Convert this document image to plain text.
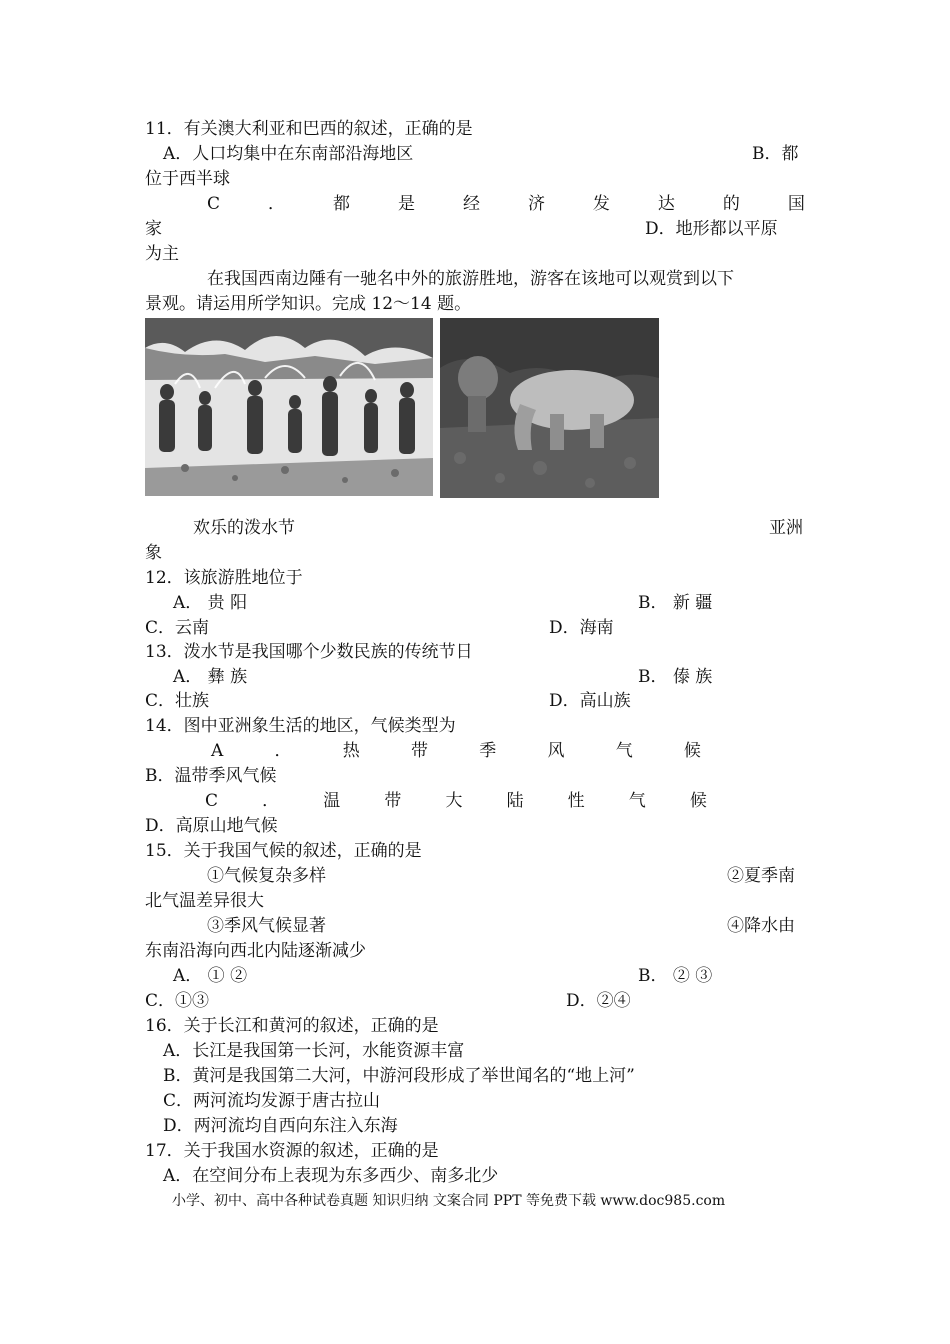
11．有关澳大利亚和巴西的叙述，正确的是
A．人口均集中在东南部沿海地区	B．都
位于西半球
C	．	都	是	经	济	发	达	的	国
家	D．地形都以平原
为主
在我国西南边陲有一驰名中外的旅游胜地，游客在该地可以观赏到以下
景观。请运用所学知识。完成 12～14 题。
欢乐的泼水节	亚洲
象
12．该旅游胜地位于
A． 贵 阳	B． 新 疆
C．云南	D．海南
13．泼水节是我国哪个少数民族的传统节日
A． 彝 族	B． 傣 族
C．壮族	D．高山族
14．图中亚洲象生活的地区，气候类型为
A	．	热	带	季	风	气	候
B．温带季风气候
C	．	温	带	大	陆	性	气	候
D．高原山地气候
15．关于我国气候的叙述，正确的是
①气候复杂多样	②夏季南
北气温差异很大
③季风气候显著	④降水由
东南沿海向西北内陆逐渐减少
A． ① ②	B． ② ③
C．①③	D．②④
16．关于长江和黄河的叙述，正确的是
A．长江是我国第一长河，水能资源丰富
B．黄河是我国第二大河，中游河段形成了举世闻名的“地上河”
C．两河流均发源于唐古拉山
D．两河流均自西向东注入东海
17．关于我国水资源的叙述，正确的是
A．在空间分布上表现为东多西少、南多北少
小学、初中、高中各种试卷真题 知识归纳 文案合同 PPT 等免费下载 www.doc985.com
